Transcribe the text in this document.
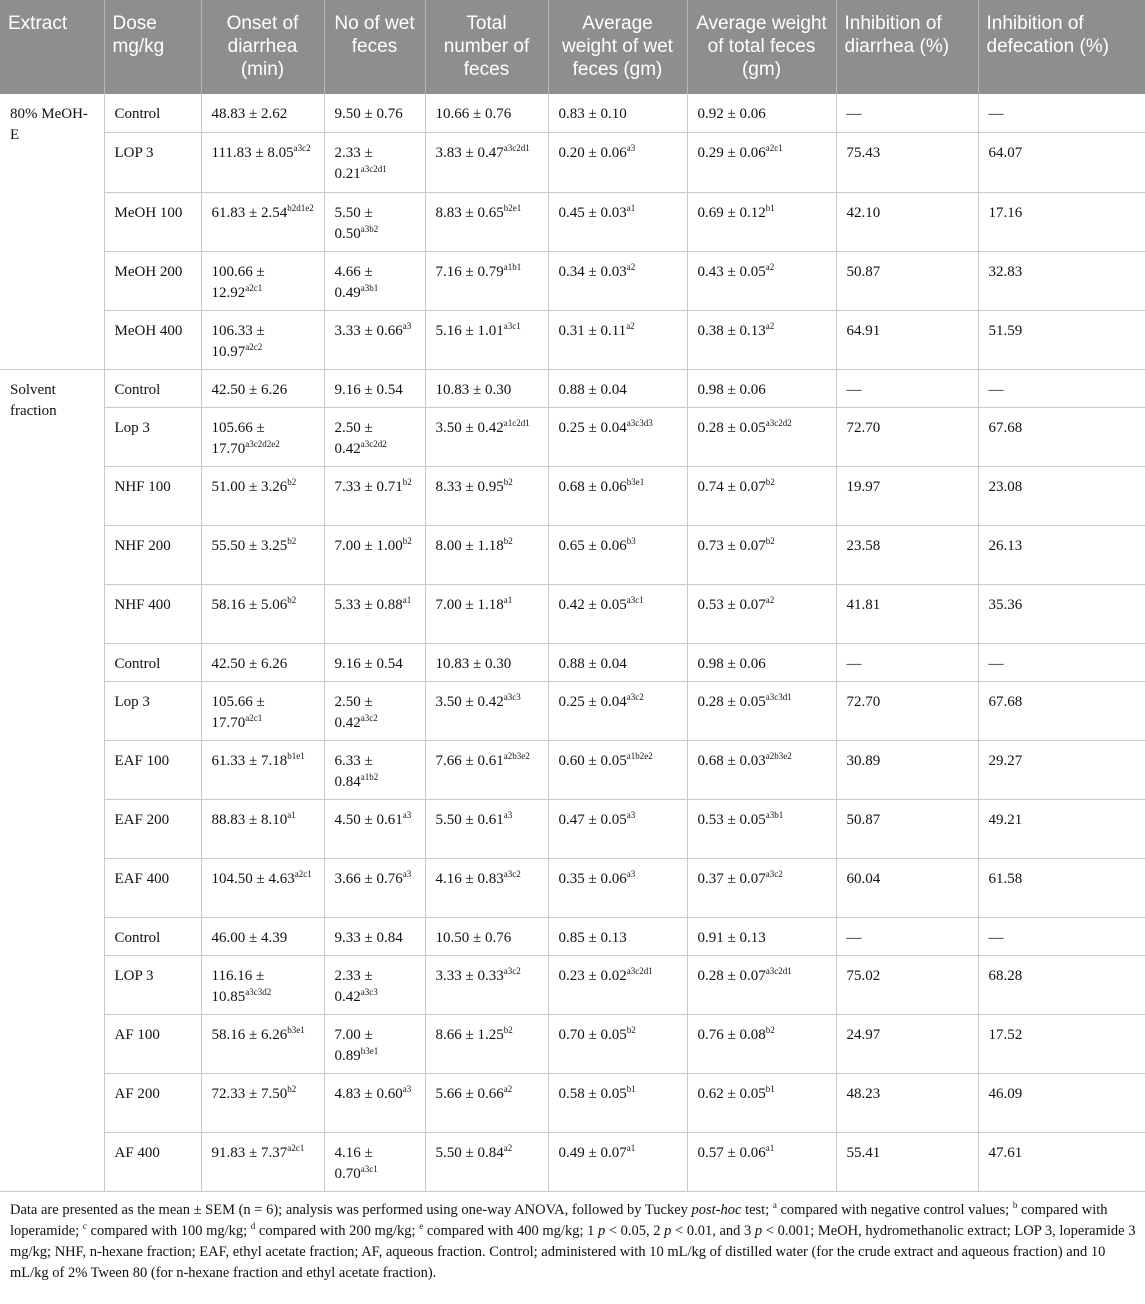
Extract	Dose mg/kg	Onset of diarrhea (min)	No of wet feces	Total number of feces	Average weight of wet feces (gm)	Average weight of total feces (gm)	Inhibition of diarrhea (%)	Inhibition of defecation (%)
80% MeOH-E	Control	48.83 ± 2.62	9.50 ± 0.76	10.66 ± 0.76	0.83 ± 0.10	0.92 ± 0.06	—	—
	LOP 3	$111.83 \pm 8.05^{a3c2}$	$2.33 \pm 0.21^{a3c2d1}$	$3.83 \pm 0.47^{a3c2d1}$	$0.20 \pm 0.06^{a3}$	$0.29 \pm 0.06^{a2c1}$	75.43	64.07
	MeOH 100	$61.83 \pm 2.54^{b2d1e2}$	$5.50 \pm 0.50^{a3b2}$	$8.83 \pm 0.65^{b2e1}$	$0.45 \pm 0.03^{a1}$	$0.69 \pm 0.12^{b1}$	42.10	17.16
	MeOH 200	$100.66 \pm 12.92^{a2c1}$	$4.66 \pm 0.49^{a3b1}$	$7.16 \pm 0.79^{a1b1}$	$0.34 \pm 0.03^{a2}$	$0.43 \pm 0.05^{a2}$	50.87	32.83
	MeOH 400	$106.33 \pm 10.97^{a2c2}$	$3.33 \pm 0.66^{a3}$	$5.16 \pm 1.01^{a3c1}$	$0.31 \pm 0.11^{a2}$	$0.38 \pm 0.13^{a2}$	64.91	51.59
Solvent fraction	Control	42.50 ± 6.26	9.16 ± 0.54	10.83 ± 0.30	0.88 ± 0.04	0.98 ± 0.06	—	—
	Lop 3	$105.66 \pm 17.70^{a3c2d2e2}$	$2.50 \pm 0.42^{a3c2d2}$	$3.50 \pm 0.42^{a1c2d1}$	$0.25 \pm 0.04^{a3c3d3}$	$0.28 \pm 0.05^{a3c2d2}$	72.70	67.68
	NHF 100	$51.00 \pm 3.26^{b2}$	$7.33 \pm 0.71^{b2}$	$8.33 \pm 0.95^{b2}$	$0.68 \pm 0.06^{b3e1}$	$0.74 \pm 0.07^{b2}$	19.97	23.08
	NHF 200	$55.50 \pm 3.25^{b2}$	$7.00 \pm 1.00^{b2}$	$8.00 \pm 1.18^{b2}$	$0.65 \pm 0.06^{b3}$	$0.73 \pm 0.07^{b2}$	23.58	26.13
	NHF 400	$58.16 \pm 5.06^{b2}$	$5.33 \pm 0.88^{a1}$	$7.00 \pm 1.18^{a1}$	$0.42 \pm 0.05^{a3c1}$	$0.53 \pm 0.07^{a2}$	41.81	35.36
	Control	42.50 ± 6.26	9.16 ± 0.54	10.83 ± 0.30	0.88 ± 0.04	0.98 ± 0.06	—	—
	Lop 3	$105.66 \pm 17.70^{a2c1}$	$2.50 \pm 0.42^{a3c2}$	$3.50 \pm 0.42^{a3c3}$	$0.25 \pm 0.04^{a3c2}$	$0.28 \pm 0.05^{a3c3d1}$	72.70	67.68
	EAF 100	$61.33 \pm 7.18^{b1e1}$	$6.33 \pm 0.84^{a1b2}$	$7.66 \pm 0.61^{a2b3e2}$	$0.60 \pm 0.05^{a1b2e2}$	$0.68 \pm 0.03^{a2b3e2}$	30.89	29.27
	EAF 200	$88.83 \pm 8.10^{a1}$	$4.50 \pm 0.61^{a3}$	$5.50 \pm 0.61^{a3}$	$0.47 \pm 0.05^{a3}$	$0.53 \pm 0.05^{a3b1}$	50.87	49.21
	EAF 400	$104.50 \pm 4.63^{a2c1}$	$3.66 \pm 0.76^{a3}$	$4.16 \pm 0.83^{a3c2}$	$0.35 \pm 0.06^{a3}$	$0.37 \pm 0.07^{a3c2}$	60.04	61.58
	Control	46.00 ± 4.39	9.33 ± 0.84	10.50 ± 0.76	0.85 ± 0.13	0.91 ± 0.13	—	—
	LOP 3	$116.16 \pm 10.85^{a3c3d2}$	$2.33 \pm 0.42^{a3c3}$	$3.33 \pm 0.33^{a3c2}$	$0.23 \pm 0.02^{a3c2d1}$	$0.28 \pm 0.07^{a3c2d1}$	75.02	68.28
	AF 100	$58.16 \pm 6.26^{b3e1}$	$7.00 \pm 0.89^{b3e1}$	$8.66 \pm 1.25^{b2}$	$0.70 \pm 0.05^{b2}$	$0.76 \pm 0.08^{b2}$	24.97	17.52
	AF 200	$72.33 \pm 7.50^{b2}$	$4.83 \pm 0.60^{a3}$	$5.66 \pm 0.66^{a2}$	$0.58 \pm 0.05^{b1}$	$0.62 \pm 0.05^{b1}$	48.23	46.09
	AF 400	$91.83 \pm 7.37^{a2c1}$	$4.16 \pm 0.70^{a3c1}$	$5.50 \pm 0.84^{a2}$	$0.49 \pm 0.07^{a1}$	$0.57 \pm 0.06^{a1}$	55.41	47.61
Data are presented as the mean ± SEM (n = 6); analysis was performed using one-way ANOVA, followed by Tuckey post-hoc test; $^a$ compared with negative control values; $^b$ compared with loperamide; $^c$ compared with 100 mg/kg; $^d$ compared with 200 mg/kg; $^e$ compared with 400 mg/kg; 1 p < 0.05, 2 p < 0.01, and 3 p < 0.001; MeOH, hydromethanolic extract; LOP 3, loperamide 3 mg/kg; NHF, n-hexane fraction; EAF, ethyl acetate fraction; AF, aqueous fraction. Control; administered with 10 mL/kg of distilled water (for the crude extract and aqueous fraction) and 10 mL/kg of 2% Tween 80 (for n-hexane fraction and ethyl acetate fraction).
